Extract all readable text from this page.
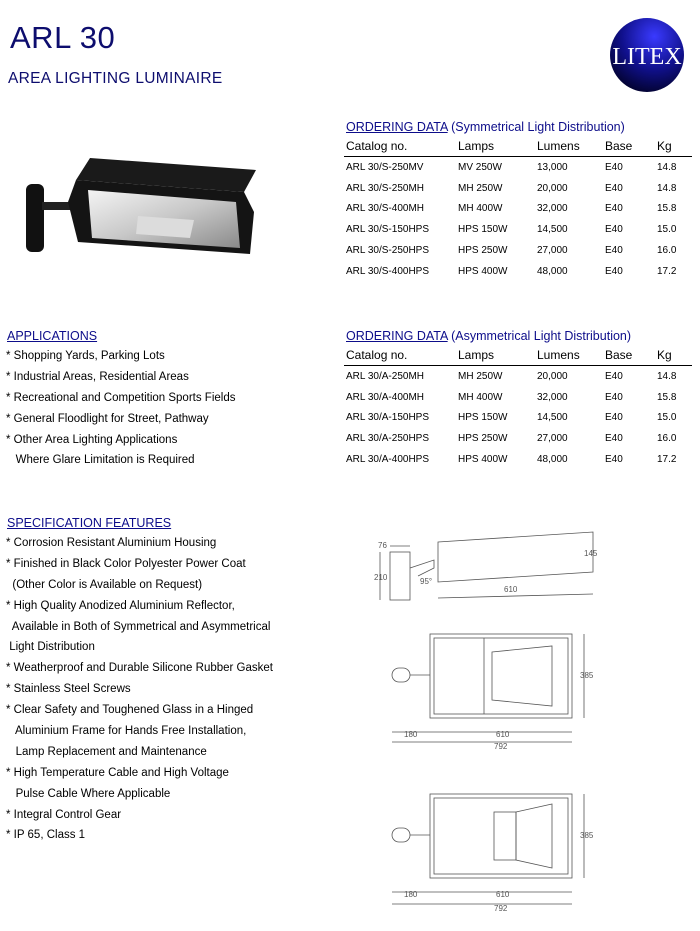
ARL 30
AREA LIGHTING LUMINAIRE
LITEX
ORDERING DATA (Symmetrical Light Distribution)
Catalog no.	Lamps	Lumens	Base	Kg
ARL 30/S-250MV	MV 250W	13,000	E40	14.8
ARL 30/S-250MH	MH 250W	20,000	E40	14.8
ARL 30/S-400MH	MH 400W	32,000	E40	15.8
ARL 30/S-150HPS	HPS 150W	14,500	E40	15.0
ARL 30/S-250HPS	HPS 250W	27,000	E40	16.0
ARL 30/S-400HPS	HPS 400W	48,000	E40	17.2
APPLICATIONS
* Shopping Yards, Parking Lots
* Industrial Areas, Residential Areas
* Recreational and Competition Sports Fields
* General Floodlight for Street, Pathway
* Other Area Lighting Applications
Where Glare Limitation is Required
ORDERING DATA (Asymmetrical Light Distribution)
Catalog no.	Lamps	Lumens	Base	Kg
ARL 30/A-250MH	MH 250W	20,000	E40	14.8
ARL 30/A-400MH	MH 400W	32,000	E40	15.8
ARL 30/A-150HPS	HPS 150W	14,500	E40	15.0
ARL 30/A-250HPS	HPS 250W	27,000	E40	16.0
ARL 30/A-400HPS	HPS 400W	48,000	E40	17.2
SPECIFICATION FEATURES
* Corrosion Resistant Aluminium Housing
* Finished in Black Color Polyester Power Coat
(Other Color is Available on Request)
* High Quality Anodized Aluminium Reflector,
Available in Both of Symmetrical and Asymmetrical
Light Distribution
* Weatherproof and Durable Silicone Rubber Gasket
* Stainless Steel Screws
* Clear Safety and Toughened Glass in a Hinged
Aluminium Frame for Hands Free Installation,
Lamp Replacement and Maintenance
* High Temperature Cable and High Voltage
Pulse Cable Where Applicable
* Integral Control Gear
* IP 65, Class 1
76
210	95°
145
610
385
180	610
792
385
180	610
792
